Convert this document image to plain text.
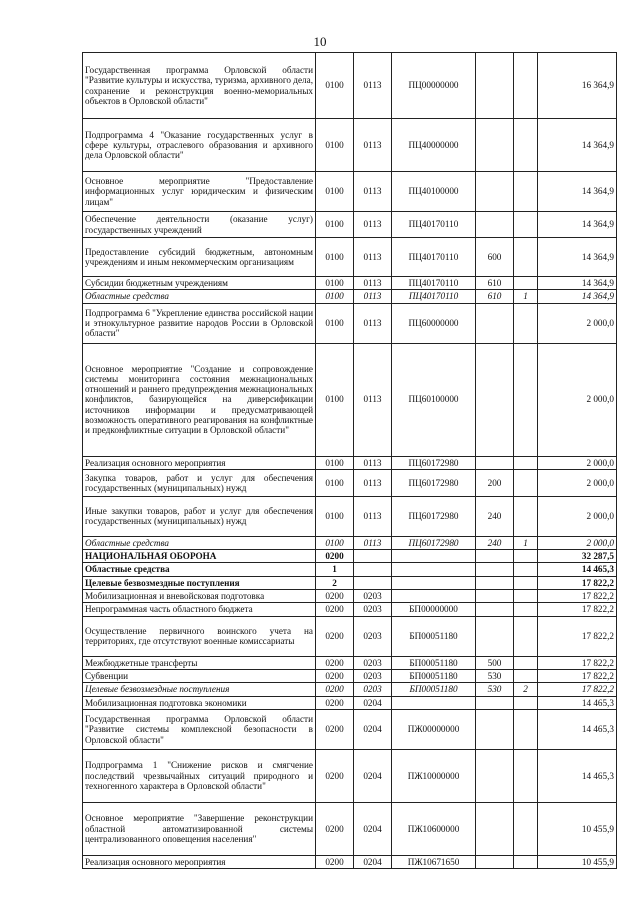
10
Государственная программа Орловской области "Развитие культуры и искусства, туризма, архивного дела, сохранение и реконструкция военно-мемориальных объектов в Орловской области"	0100	0113	ПЦ00000000			16 364,9
Подпрограмма 4 "Оказание государственных услуг в сфере культуры, отраслевого образования и архивного дела Орловской области"	0100	0113	ПЦ40000000			14 364,9
Основное мероприятие "Предоставление информационных услуг юридическим и физическим лицам"	0100	0113	ПЦ40100000			14 364,9
Обеспечение деятельности (оказание услуг) государственных учреждений	0100	0113	ПЦ40170110			14 364,9
Предоставление субсидий бюджетным, автономным учреждениям и иным некоммерческим организациям	0100	0113	ПЦ40170110	600		14 364,9
Субсидии бюджетным учреждениям	0100	0113	ПЦ40170110	610		14 364,9
Областные средства	0100	0113	ПЦ40170110	610	1	14 364,9
Подпрограмма 6 "Укрепление единства российской нации и этнокультурное развитие народов России в Орловской области"	0100	0113	ПЦ60000000			2 000,0
Основное мероприятие "Создание и сопровождение системы мониторинга состояния межнациональных отношений и раннего предупреждения межнациональных конфликтов, базирующейся на диверсификации источников информации и предусматривающей возможность оперативного реагирования на конфликтные и предконфликтные ситуации в Орловской области"	0100	0113	ПЦ60100000			2 000,0
Реализация основного мероприятия	0100	0113	ПЦ60172980			2 000,0
Закупка товаров, работ и услуг для обеспечения государственных (муниципальных) нужд	0100	0113	ПЦ60172980	200		2 000,0
Иные закупки товаров, работ и услуг для обеспечения государственных (муниципальных) нужд	0100	0113	ПЦ60172980	240		2 000,0
Областные средства	0100	0113	ПЦ60172980	240	1	2 000,0
НАЦИОНАЛЬНАЯ ОБОРОНА	0200					32 287,5
Областные средства	1					14 465,3
Целевые безвозмездные поступления	2					17 822,2
Мобилизационная и вневойсковая подготовка	0200	0203				17 822,2
Непрограммная часть областного бюджета	0200	0203	БП00000000			17 822,2
Осуществление первичного воинского учета на территориях, где отсутствуют военные комиссариаты	0200	0203	БП00051180			17 822,2
Межбюджетные трансферты	0200	0203	БП00051180	500		17 822,2
Субвенции	0200	0203	БП00051180	530		17 822,2
Целевые безвозмездные поступления	0200	0203	БП00051180	530	2	17 822,2
Мобилизационная подготовка экономики	0200	0204				14 465,3
Государственная программа Орловской области "Развитие системы комплексной безопасности в Орловской области"	0200	0204	ПЖ00000000			14 465,3
Подпрограмма 1 "Снижение рисков и смягчение последствий чрезвычайных ситуаций природного и техногенного характера в Орловской области"	0200	0204	ПЖ10000000			14 465,3
Основное мероприятие "Завершение реконструкции областной автоматизированной системы централизованного оповещения населения"	0200	0204	ПЖ10600000			10 455,9
Реализация основного мероприятия	0200	0204	ПЖ10671650			10 455,9
